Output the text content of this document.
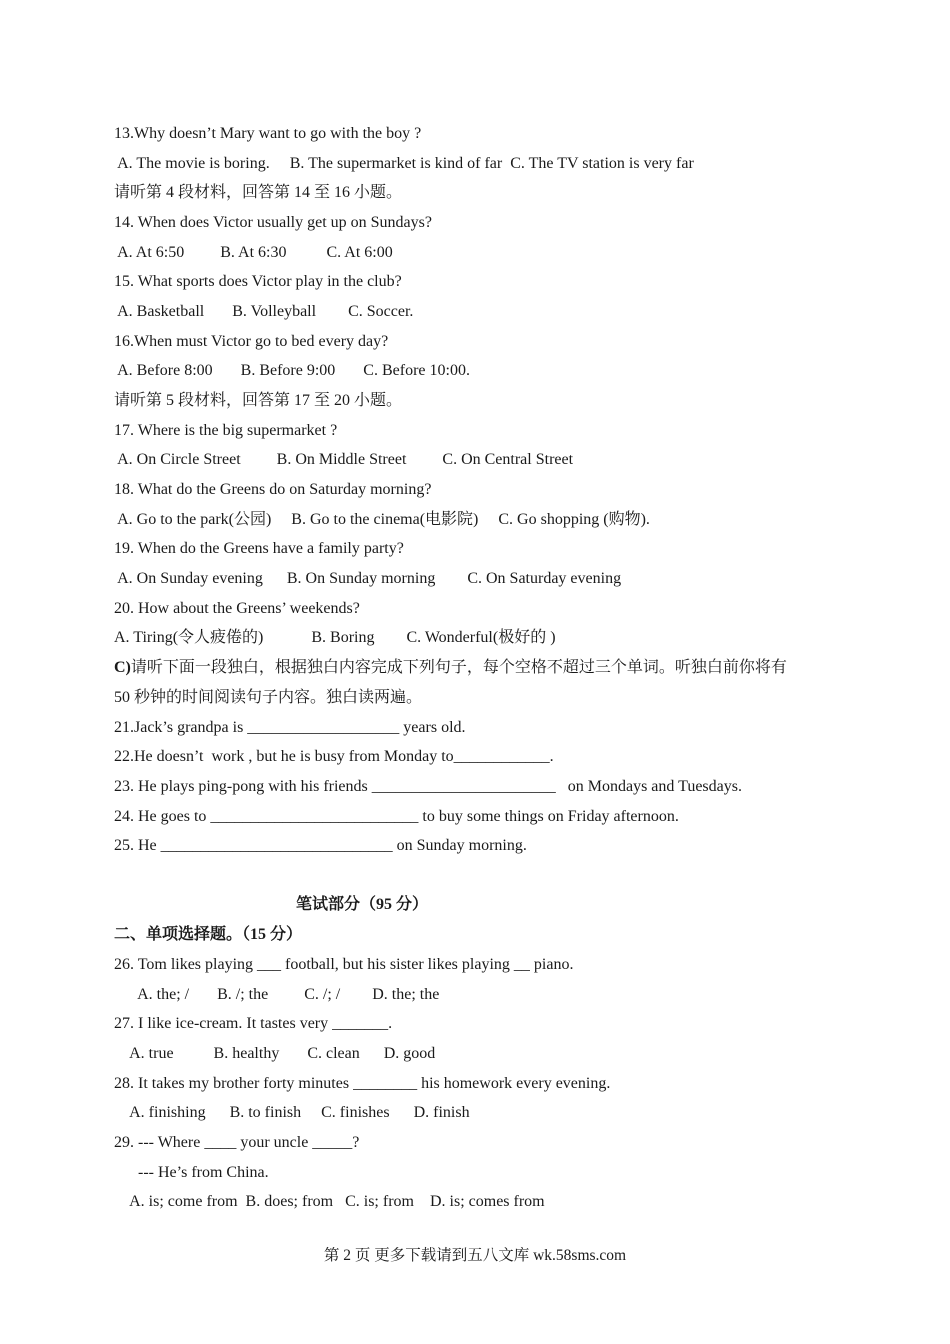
13.Why doesn’t Mary want to go with the boy ?
A. The movie is boring.     B. The supermarket is kind of far  C. The TV station is very far
请听第 4 段材料，回答第 14 至 16 小题。
14. When does Victor usually get up on Sundays?
A. At 6:50         B. At 6:30          C. At 6:00
15. What sports does Victor play in the club?
A. Basketball       B. Volleyball        C. Soccer.
16.When must Victor go to bed every day?
A. Before 8:00       B. Before 9:00       C. Before 10:00.
请听第 5 段材料，回答第 17 至 20 小题。
17. Where is the big supermarket ?
A. On Circle Street         B. On Middle Street         C. On Central Street
18. What do the Greens do on Saturday morning?
A. Go to the park(公园)     B. Go to the cinema(电影院)     C. Go shopping (购物).
19. When do the Greens have a family party?
A. On Sunday evening      B. On Sunday morning        C. On Saturday evening
20. How about the Greens’ weekends?
A. Tiring(令人疲倦的)            B. Boring        C. Wonderful(极好的 )
C)请听下面一段独白，根据独白内容完成下列句子，每个空格不超过三个单词。听独白前你将有
50 秒钟的时间阅读句子内容。独白读两遍。
21.Jack’s grandpa is ___________________ years old.
22.He doesn’t  work , but he is busy from Monday to____________.
23. He plays ping-pong with his friends _______________________   on Mondays and Tuesdays.
24. He goes to __________________________ to buy some things on Friday afternoon.
25. He _____________________________ on Sunday morning.
笔试部分（95 分）
二、单项选择题。（15 分）
26. Tom likes playing ___ football, but his sister likes playing __ piano.
A. the; /       B. /; the         C. /; /        D. the; the
27. I like ice-cream. It tastes very _______.
A. true          B. healthy       C. clean      D. good
28. It takes my brother forty minutes ________ his homework every evening.
A. finishing      B. to finish     C. finishes      D. finish
29. --- Where ____ your uncle _____?
--- He’s from China.
A. is; come from  B. does; from   C. is; from    D. is; comes from
第 2 页 更多下载请到五八文库 wk.58sms.com
